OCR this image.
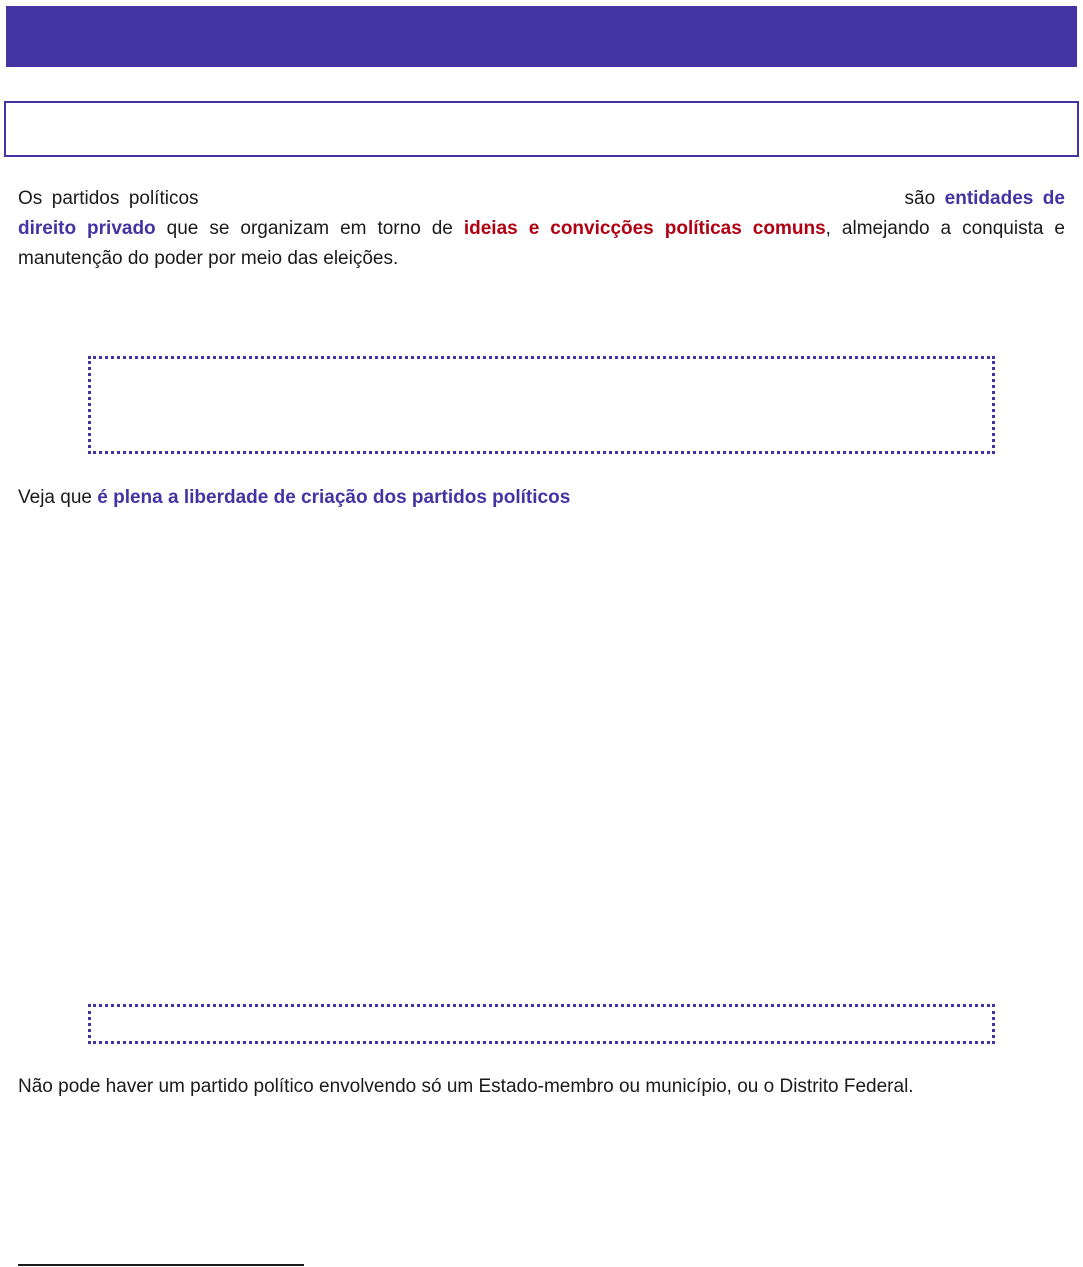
Os partidos políticos	são entidades de direito privado que se organizam em torno de ideias e convicções políticas comuns, almejando a conquista e manutenção do poder por meio das eleições.

Veja que é plena a liberdade de criação dos partidos políticos

Não pode haver um partido político envolvendo só um Estado-membro ou município, ou o Distrito Federal.
